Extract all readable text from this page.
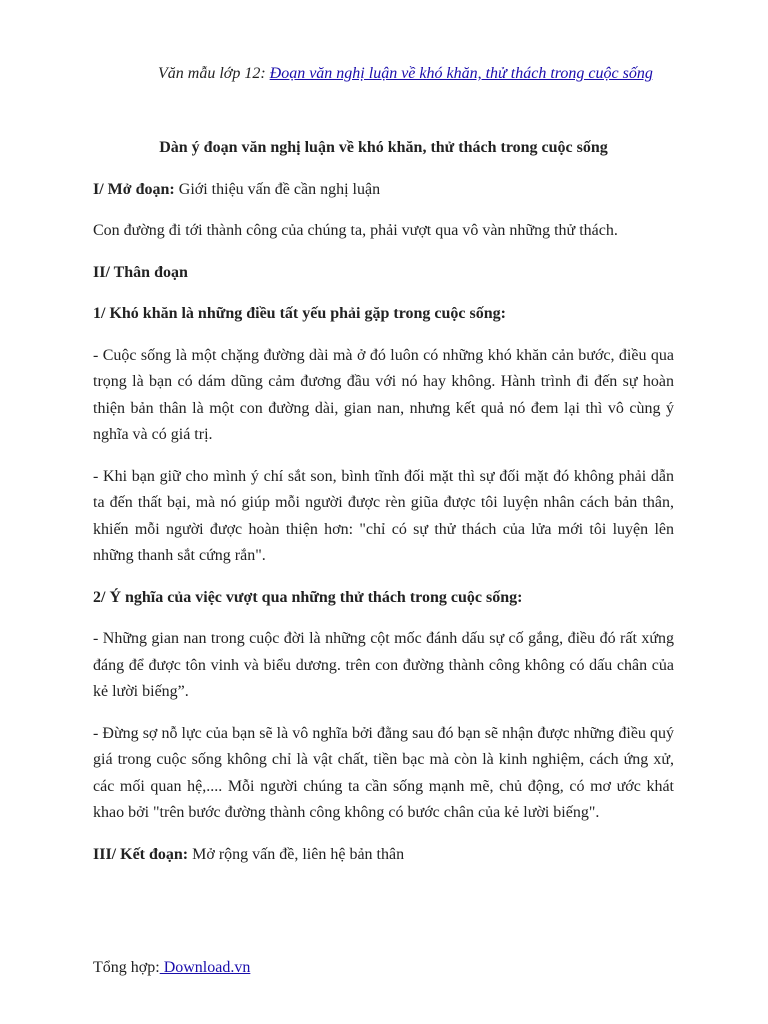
Văn mẫu lớp 12: Đoạn văn nghị luận về khó khăn, thử thách trong cuộc sống

Dàn ý đoạn văn nghị luận về khó khăn, thử thách trong cuộc sống

I/ Mở đoạn: Giới thiệu vấn đề cần nghị luận

Con đường đi tới thành công của chúng ta, phải vượt qua vô vàn những thử thách.

II/ Thân đoạn

1/ Khó khăn là những điều tất yếu phải gặp trong cuộc sống:

- Cuộc sống là một chặng đường dài mà ở đó luôn có những khó khăn cản bước, điều qua trọng là bạn có dám dũng cảm đương đầu với nó hay không. Hành trình đi đến sự hoàn thiện bản thân là một con đường dài, gian nan, nhưng kết quả nó đem lại thì vô cùng ý nghĩa và có giá trị.

- Khi bạn giữ cho mình ý chí sắt son, bình tĩnh đối mặt thì sự đối mặt đó không phải dẫn ta đến thất bại, mà nó giúp mỗi người được rèn giũa được tôi luyện nhân cách bản thân, khiến mỗi người được hoàn thiện hơn: "chỉ có sự thử thách của lửa mới tôi luyện lên những thanh sắt cứng rắn".

2/ Ý nghĩa của việc vượt qua những thử thách trong cuộc sống:

- Những gian nan trong cuộc đời là những cột mốc đánh dấu sự cố gắng, điều đó rất xứng đáng để được tôn vinh và biểu dương. trên con đường thành công không có dấu chân của kẻ lười biếng”.

- Đừng sợ nỗ lực của bạn sẽ là vô nghĩa bởi đằng sau đó bạn sẽ nhận được những điều quý giá trong cuộc sống không chỉ là vật chất, tiền bạc mà còn là kinh nghiệm, cách ứng xử, các mối quan hệ,.... Mỗi người chúng ta cần sống mạnh mẽ, chủ động, có mơ ước khát khao bởi "trên bước đường thành công không có bước chân của kẻ lười biếng".

III/ Kết đoạn: Mở rộng vấn đề, liên hệ bản thân

Tổng hợp: Download.vn
